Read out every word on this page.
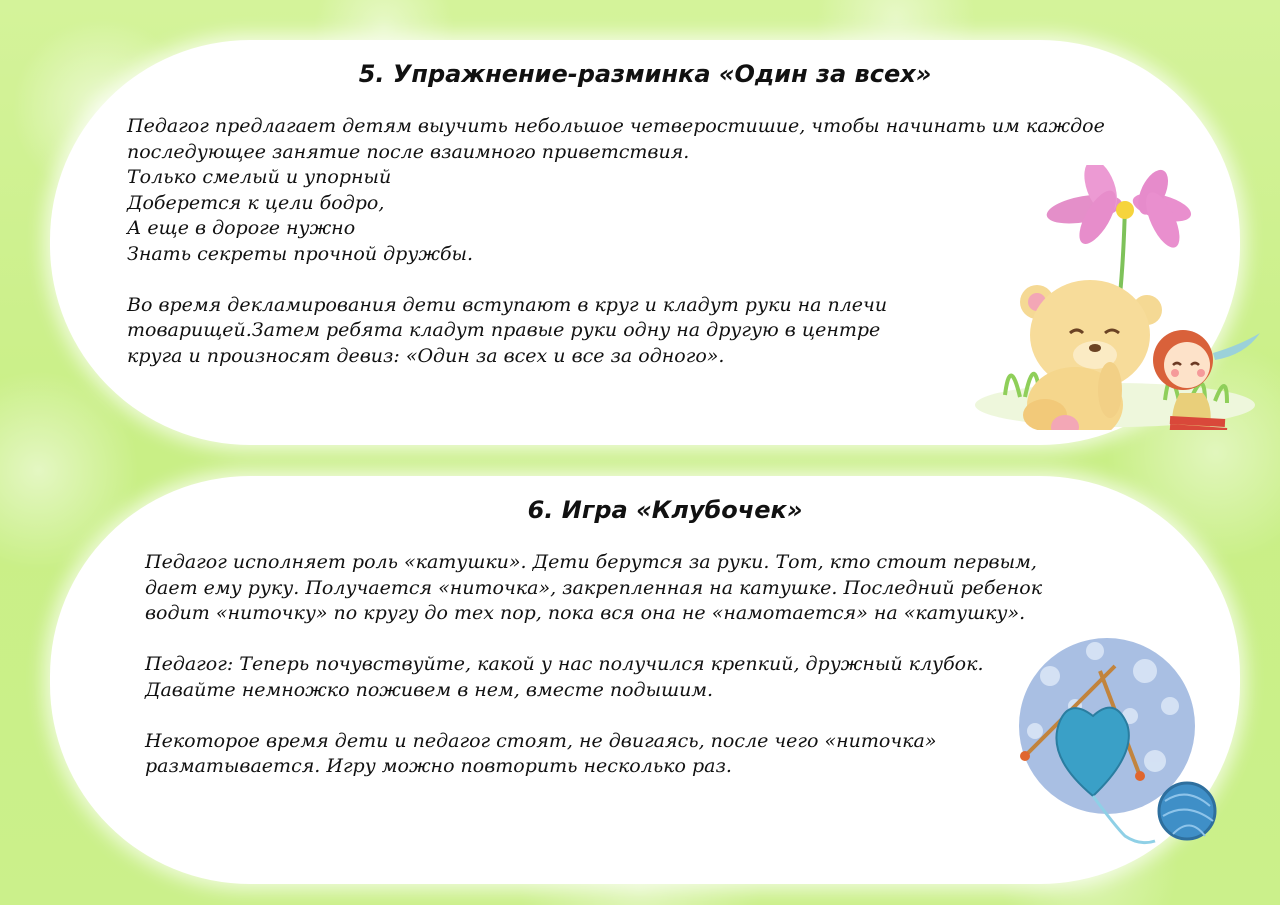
5. Упражнение-разминка «Один за всех»
Педагог предлагает детям выучить небольшое четверостишие, чтобы начинать им каждое
последующее занятие после взаимного приветствия.
Только смелый и упорный
Доберется к цели бодро,
А еще в дороге нужно
Знать секреты прочной дружбы.
Во время декламирования дети вступают в круг и кладут руки на плечи
товарищей.Затем ребята кладут правые руки одну на другую в центре
круга и произносят девиз: «Один за всех и все за одного».
6. Игра «Клубочек»
Педагог исполняет роль «катушки». Дети берутся за руки. Тот, кто стоит первым,
дает ему руку. Получается «ниточка», закрепленная на катушке. Последний ребенок
водит «ниточку» по кругу до тех пор, пока вся она не «намотается» на «катушку».
Педагог: Теперь почувствуйте, какой у нас получился крепкий, дружный клубок.
Давайте немножко поживем в нем, вместе подышим.
Некоторое время дети и педагог стоят, не двигаясь, после чего «ниточка»
разматывается. Игру можно повторить несколько раз.
